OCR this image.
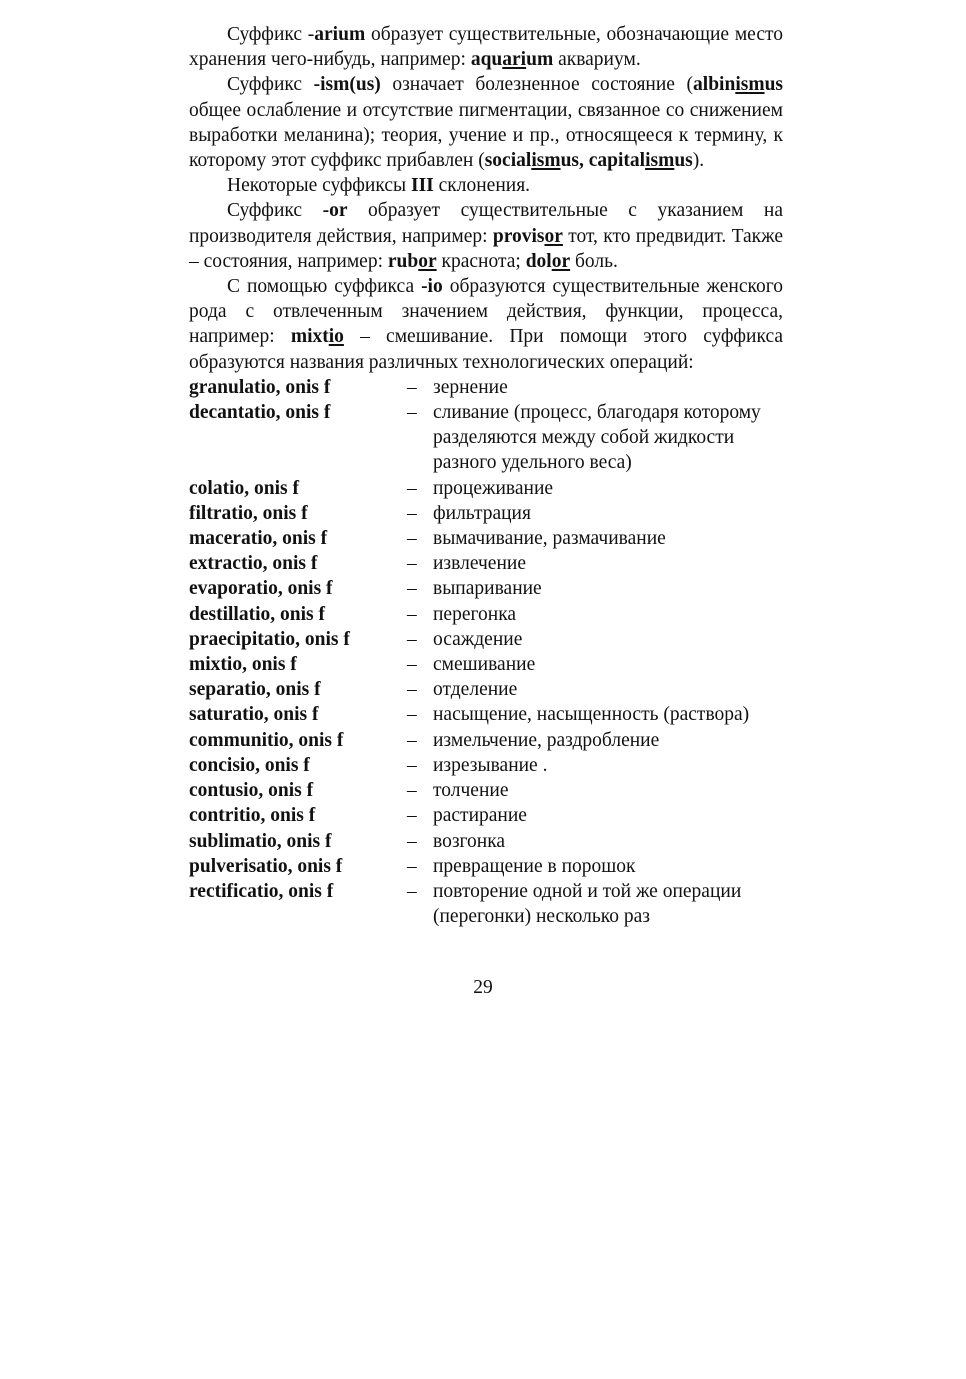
Суффикс -arium образует существительные, обозначающие место хранения чего-нибудь, например: aquarium аквариум.

Суффикс -ism(us) означает болезненное состояние (albinismus общее ослабление и отсутствие пигментации, связанное со снижением выработки меланина); теория, учение и пр., относящееся к термину, к которому этот суффикс прибавлен (socialismus, capitalismus).

Некоторые суффиксы III склонения.

Суффикс -or образует существительные с указанием на производителя действия, например: provisor тот, кто предвидит. Также – состояния, например: rubor краснота; dolor боль.

С помощью суффикса -io образуются существительные женского рода с отвлеченным значением действия, функции, процесса, например: mixtio – смешивание. При помощи этого суффикса образуются названия различных технологических операций:

granulatio, onis f	–	зернение
decantatio, onis f	–	сливание (процесс, благодаря которому разделяются между собой жидкости разного удельного веса)
colatio, onis f	–	процеживание
filtratio, onis f	–	фильтрация
maceratio, onis f	–	вымачивание, размачивание
extractio, onis f	–	извлечение
evaporatio, onis f	–	выпаривание
destillatio, onis f	–	перегонка
praecipitatio, onis f	–	осаждение
mixtio, onis f	–	смешивание
separatio, onis f	–	отделение
saturatio, onis f	–	насыщение, насыщенность (раствора)
communitio, onis f	–	измельчение, раздробление
concisio, onis f	–	изрезывание .
contusio, onis f	–	толчение
contritio, onis f	–	растирание
sublimatio, onis f	–	возгонка
pulverisatio, onis f	–	превращение в порошок
rectificatio, onis f	–	повторение одной и той же операции (перегонки) несколько раз
29
